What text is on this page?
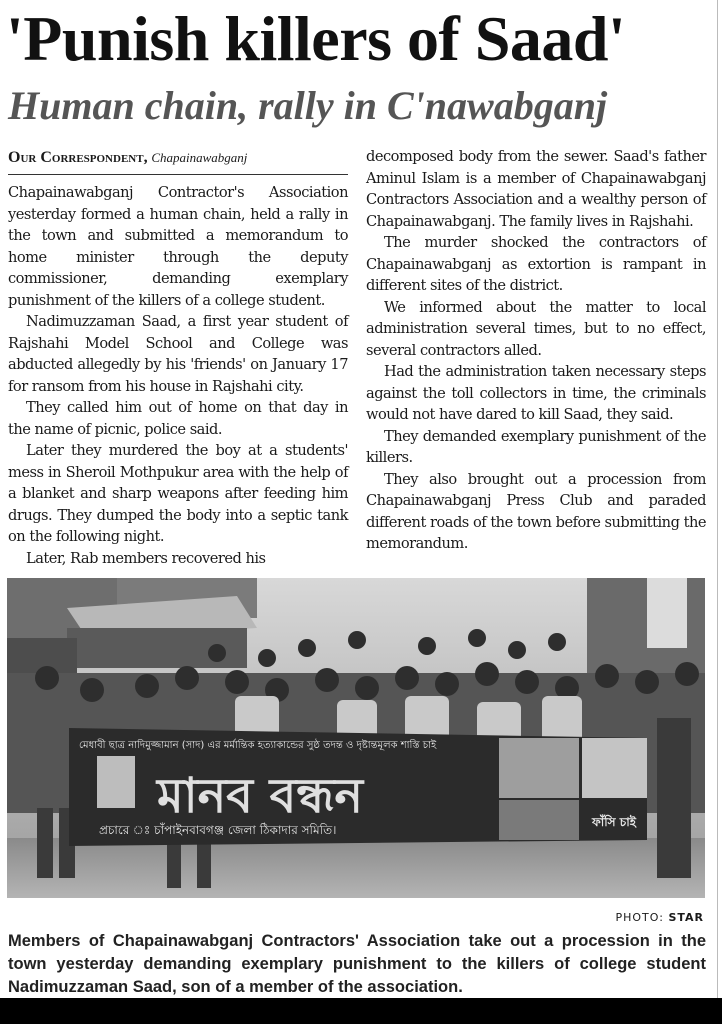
'Punish killers of Saad'
Human chain, rally in C'nawabganj
Our Correspondent, Chapainawabganj

Chapainawabganj Contractor's Association yesterday formed a human chain, held a rally in the town and submitted a memorandum to home minister through the deputy commissioner, demanding exemplary punishment of the killers of a college student.

Nadimuzzaman Saad, a first year student of Rajshahi Model School and College was abducted allegedly by his 'friends' on January 17 for ransom from his house in Rajshahi city.

They called him out of home on that day in the name of picnic, police said.

Later they murdered the boy at a students' mess in Sheroil Mothpukur area with the help of a blanket and sharp weapons after feeding him drugs. They dumped the body into a septic tank on the following night.

Later, Rab members recovered his

decomposed body from the sewer. Saad's father Aminul Islam is a member of Chapainawabganj Contractors Association and a wealthy person of Chapainawabganj. The family lives in Rajshahi.

The murder shocked the contractors of Chapainawabganj as extortion is rampant in different sites of the district.

We informed about the matter to local administration several times, but to no effect, several contractors alled.

Had the administration taken necessary steps against the toll collectors in time, the criminals would not have dared to kill Saad, they said.

They demanded exemplary punishment of the killers.

They also brought out a procession from Chapainawabganj Press Club and paraded different roads of the town before submitting the memorandum.

মেধাবী ছাত্র নাদিমুজ্জামান (সাদ) এর মর্মান্তিক হত্যাকান্ডের সুষ্ঠ তদন্ত ও দৃষ্টান্তমূলক শাস্তি চাই
মানব বন্ধন
প্রচারে ঃ চাঁপাইনবাবগঞ্জ জেলা ঠিকাদার সমিতি।
ফাঁসি চাই
PHOTO: STAR
Members of Chapainawabganj Contractors' Association take out a procession in the town yesterday demanding exemplary punishment to the killers of college student Nadimuzzaman Saad, son of a member of the association.
